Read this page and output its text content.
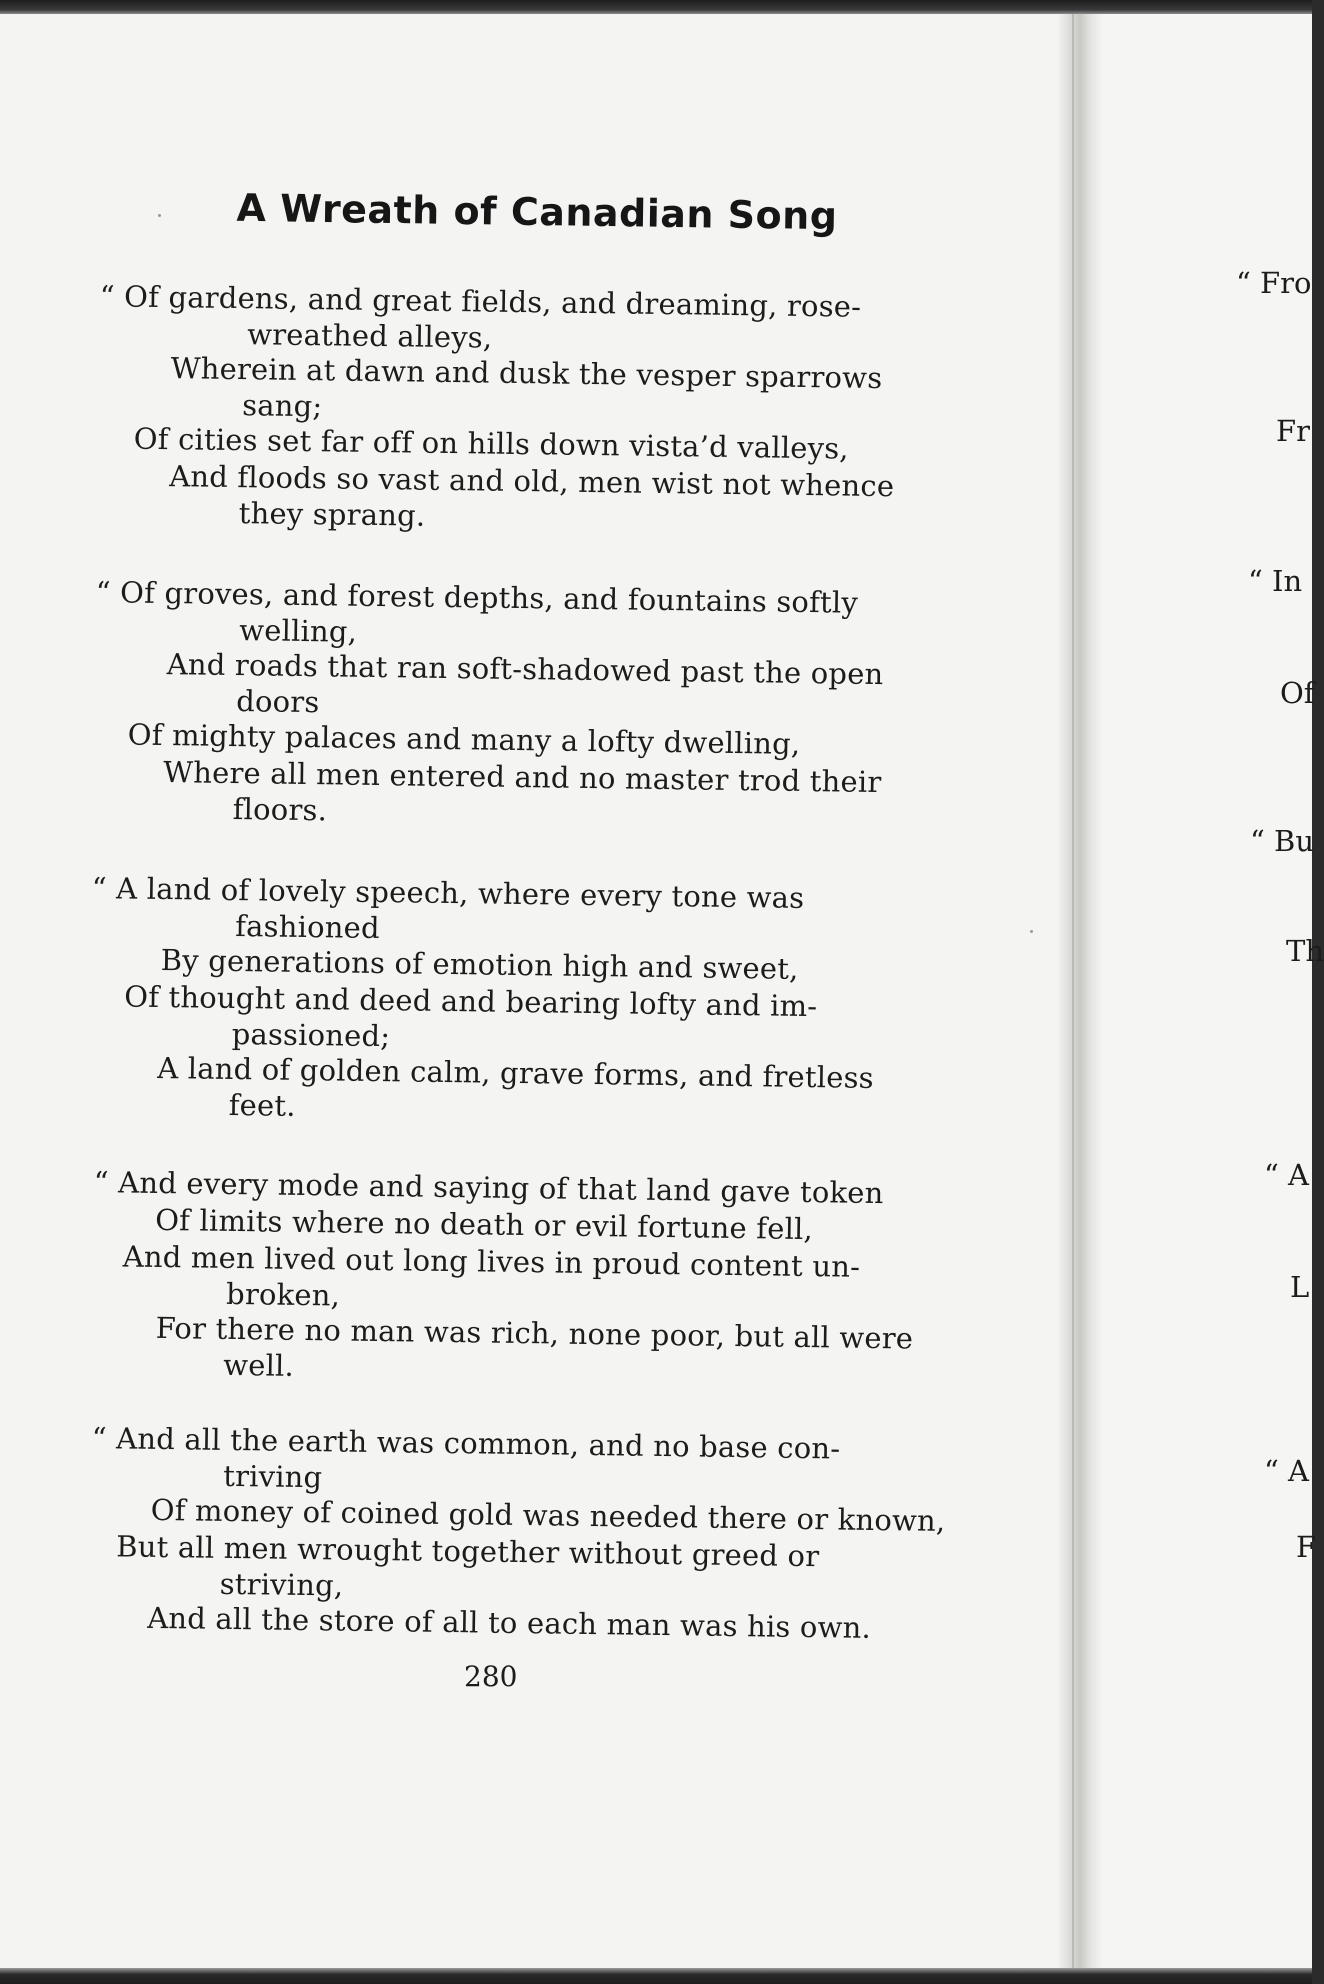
A Wreath of Canadian Song
“ Of gardens, and great fields, and dreaming, rose-
wreathed alleys,
Wherein at dawn and dusk the vesper sparrows
sang;
Of cities set far off on hills down vista’d valleys,
And floods so vast and old, men wist not whence
they sprang.
“ Of groves, and forest depths, and fountains softly
welling,
And roads that ran soft-shadowed past the open
doors
Of mighty palaces and many a lofty dwelling,
Where all men entered and no master trod their
floors.
“ A land of lovely speech, where every tone was
fashioned
By generations of emotion high and sweet,
Of thought and deed and bearing lofty and im-
passioned;
A land of golden calm, grave forms, and fretless
feet.
“ And every mode and saying of that land gave token
Of limits where no death or evil fortune fell,
And men lived out long lives in proud content un-
broken,
For there no man was rich, none poor, but all were
well.
“ And all the earth was common, and no base con-
triving
Of money of coined gold was needed there or known,
But all men wrought together without greed or
striving,
And all the store of all to each man was his own.
280
“ Fro
Fr
“ In
Of
“ Bu
Th
“ A
L
“ A
F
